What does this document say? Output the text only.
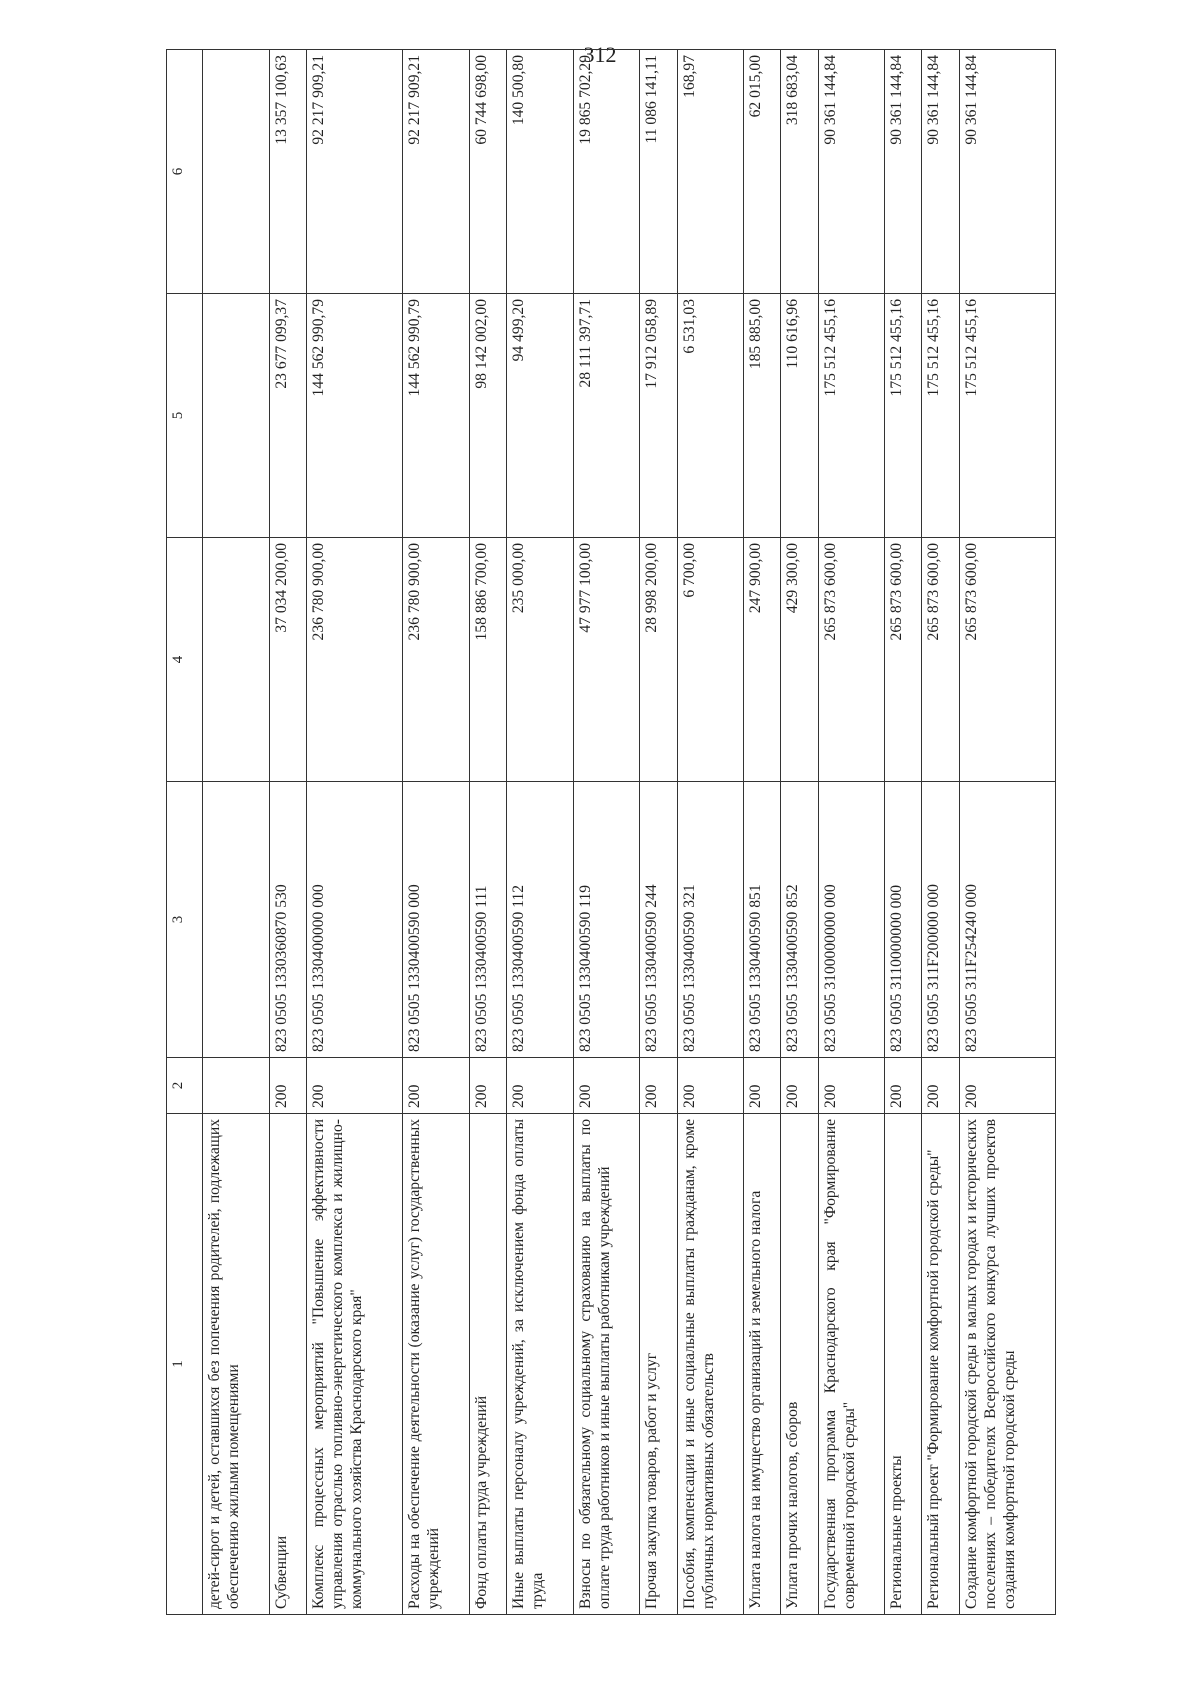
312
1	2	3	4	5	6
детей-сирот и детей, оставшихся без попечения родителей, подлежащих обеспечению жилыми помещениями					
Субвенции	200	823 0505 1330360870 530	37 034 200,00	23 677 099,37	13 357 100,63
Комплекс процессных мероприятий "Повышение эффективности управления отраслью топливно-энергетического комплекса и жилищно-коммунального хозяйства Краснодарского края"	200	823 0505 1330400000 000	236 780 900,00	144 562 990,79	92 217 909,21
Расходы на обеспечение деятельности (оказание услуг) государственных учреждений	200	823 0505 1330400590 000	236 780 900,00	144 562 990,79	92 217 909,21
Фонд оплаты труда учреждений	200	823 0505 1330400590 111	158 886 700,00	98 142 002,00	60 744 698,00
Иные выплаты персоналу учреждений, за исключением фонда оплаты труда	200	823 0505 1330400590 112	235 000,00	94 499,20	140 500,80
Взносы по обязательному социальному страхованию на выплаты по оплате труда работников и иные выплаты работникам учреждений	200	823 0505 1330400590 119	47 977 100,00	28 111 397,71	19 865 702,29
Прочая закупка товаров, работ и услуг	200	823 0505 1330400590 244	28 998 200,00	17 912 058,89	11 086 141,11
Пособия, компенсации и иные социальные выплаты гражданам, кроме публичных нормативных обязательств	200	823 0505 1330400590 321	6 700,00	6 531,03	168,97
Уплата налога на имущество организаций и земельного налога	200	823 0505 1330400590 851	247 900,00	185 885,00	62 015,00
Уплата прочих налогов, сборов	200	823 0505 1330400590 852	429 300,00	110 616,96	318 683,04
Государственная программа Краснодарского края "Формирование современной городской среды"	200	823 0505 3100000000 000	265 873 600,00	175 512 455,16	90 361 144,84
Региональные проекты	200	823 0505 3110000000 000	265 873 600,00	175 512 455,16	90 361 144,84
Региональный проект "Формирование комфортной городской среды"	200	823 0505 311F200000 000	265 873 600,00	175 512 455,16	90 361 144,84
Создание комфортной городской среды в малых городах и исторических поселениях – победителях Всероссийского конкурса лучших проектов создания комфортной городской среды	200	823 0505 311F254240 000	265 873 600,00	175 512 455,16	90 361 144,84
